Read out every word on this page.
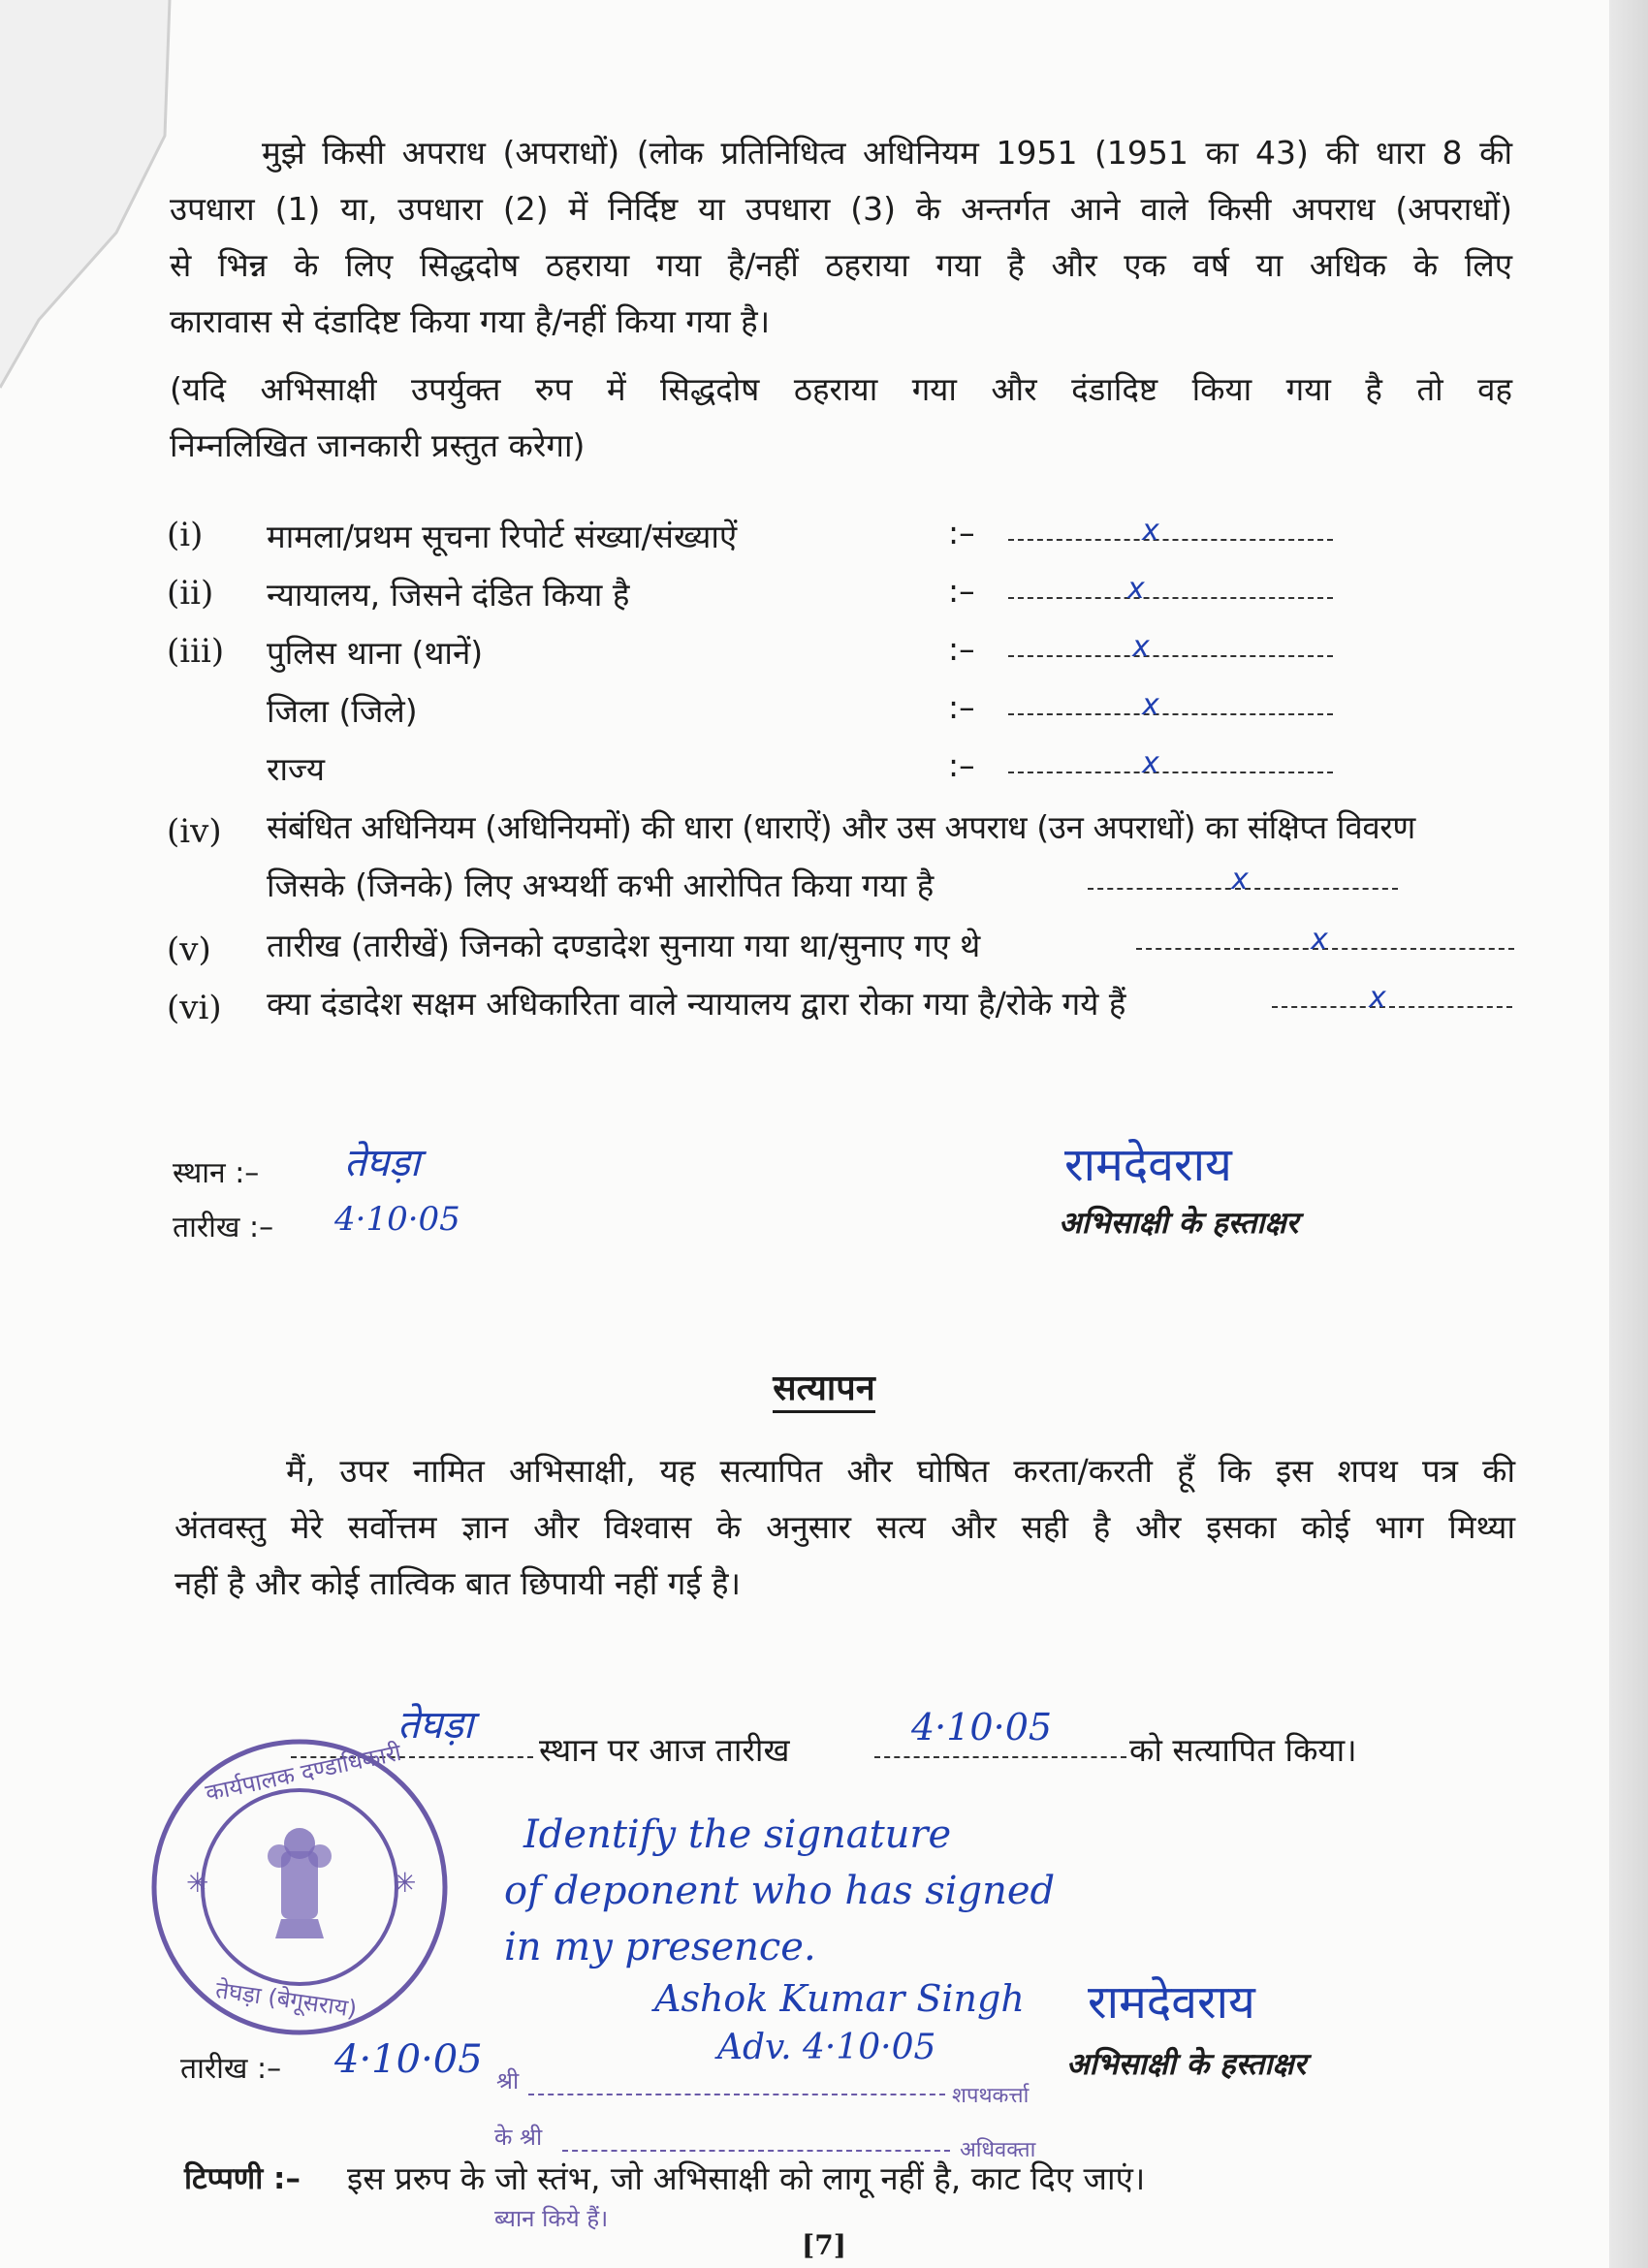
मुझे किसी अपराध (अपराधों) (लोक प्रतिनिधित्व अधिनियम 1951 (1951 का 43) की धारा 8 की
उपधारा (1) या, उपधारा (2) में निर्दिष्ट या उपधारा (3) के अन्तर्गत आने वाले किसी अपराध (अपराधों)
से भिन्न के लिए सिद्धदोष ठहराया गया है/नहीं ठहराया गया है और एक वर्ष या अधिक के लिए
कारावास से दंडादिष्ट किया गया है/नहीं किया गया है।
(यदि अभिसाक्षी उपर्युक्त रुप में सिद्धदोष ठहराया गया और दंडादिष्ट किया गया है तो वह
निम्नलिखित जानकारी प्रस्तुत करेगा)
(i) मामला/प्रथम सूचना रिपोर्ट संख्या/संख्याऐं	:–	x
(ii) न्यायालय, जिसने दंडित किया है	:–	x
(iii) पुलिस थाना (थानें)	:–	x
जिला (जिले)	:–	x
राज्य	:–	x
(iv) संबंधित अधिनियम (अधिनियमों) की धारा (धाराऐं) और उस अपराध (उन अपराधों) का संक्षिप्त विवरण
जिसके (जिनके) लिए अभ्यर्थी कभी आरोपित किया गया है	x
(v) तारीख (तारीखें) जिनको दण्डादेश सुनाया गया था/सुनाए गए थे	x
(vi) क्या दंडादेश सक्षम अधिकारिता वाले न्यायालय द्वारा रोका गया है/रोके गये हैं	x
स्थान :– तेघड़ा
तारीख :– 4·10·05
रामदेवराय
अभिसाक्षी के हस्ताक्षर
सत्यापन
मैं, उपर नामित अभिसाक्षी, यह सत्यापित और घोषित करता/करती हूँ कि इस शपथ पत्र की
अंतवस्तु मेरे सर्वोत्तम ज्ञान और विश्वास के अनुसार सत्य और सही है और इसका कोई भाग मिथ्या
नहीं है और कोई तात्विक बात छिपायी नहीं गई है।
तेघड़ा
स्थान पर आज तारीख
4·10·05
को सत्यापित किया।
✳	✳
कार्यपालक दण्डाधिकारी
तेघड़ा (बेगूसराय)
Identify the signature
of deponent who has signed
in my presence.
Ashok Kumar Singh
Adv. 4·10·05
रामदेवराय
अभिसाक्षी के हस्ताक्षर
तारीख :– 4·10·05 श्री
शपथकर्त्ता
के श्री	अधिवक्ता
ब्यान किये हैं।
टिप्पणी :– इस प्ररुप के जो स्तंभ, जो अभिसाक्षी को लागू नहीं है, काट दिए जाएं।
[7]
